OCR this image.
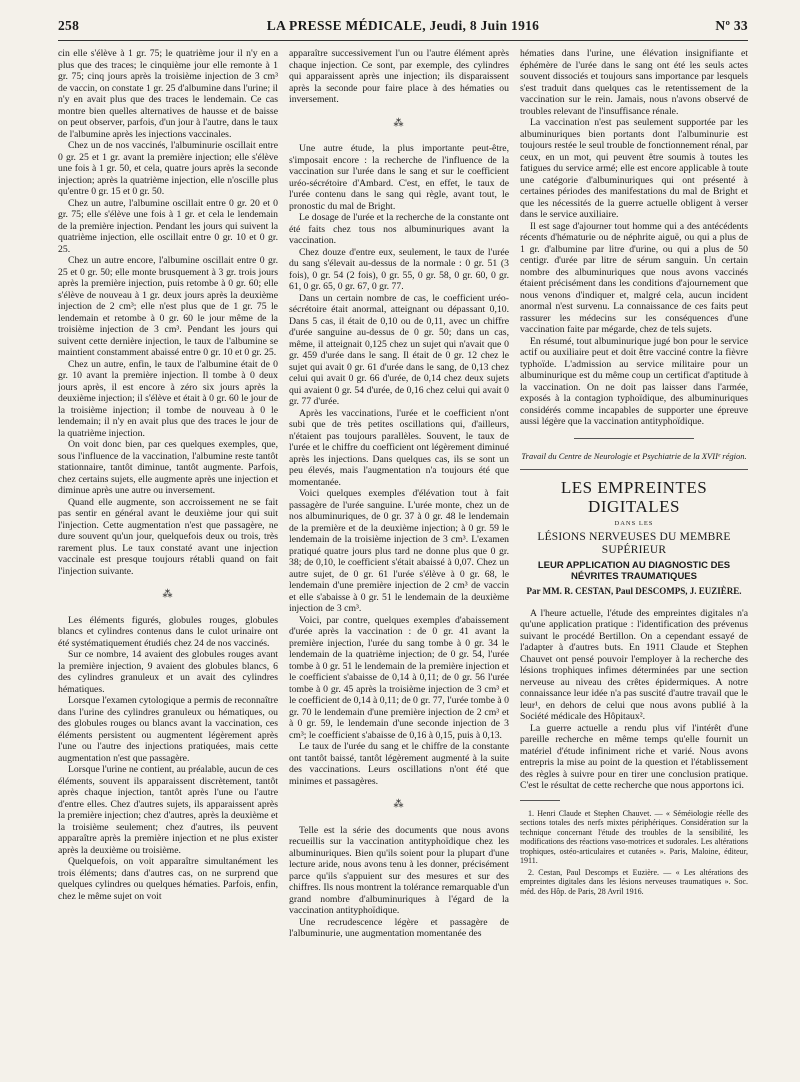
258	LA PRESSE MÉDICALE, Jeudi, 8 Juin 1916	Nº 33

cin elle s'élève à 1 gr. 75; le quatrième jour il n'y en a plus que des traces; le cinquième jour elle remonte à 1 gr. 75; cinq jours après la troisième injection de 3 cm³ de vaccin, on constate 1 gr. 25 d'albumine dans l'urine; il n'y en avait plus que des traces le lendemain. Ce cas montre bien quelles alternatives de hausse et de baisse on peut observer, parfois, d'un jour à l'autre, dans le taux de l'albumine après les injections vaccinales.

Chez un de nos vaccinés, l'albuminurie oscillait entre 0 gr. 25 et 1 gr. avant la première injection; elle s'élève une fois à 1 gr. 50, et cela, quatre jours après la seconde injection; après la quatrième injection, elle n'oscille plus qu'entre 0 gr. 15 et 0 gr. 50.

Chez un autre, l'albumine oscillait entre 0 gr. 20 et 0 gr. 75; elle s'élève une fois à 1 gr. et cela le lendemain de la première injection. Pendant les jours qui suivent la quatrième injection, elle oscillait entre 0 gr. 10 et 0 gr. 25.

Chez un autre encore, l'albumine oscillait entre 0 gr. 25 et 0 gr. 50; elle monte brusquement à 3 gr. trois jours après la première injection, puis retombe à 0 gr. 60; elle s'élève de nouveau à 1 gr. deux jours après la deuxième injection de 2 cm³; elle n'est plus que de 1 gr. 75 le lendemain et retombe à 0 gr. 60 le jour même de la troisième injection de 3 cm³. Pendant les jours qui suivent cette dernière injection, le taux de l'albumine se maintient constamment abaissé entre 0 gr. 10 et 0 gr. 25.

Chez un autre, enfin, le taux de l'albumine était de 0 gr. 10 avant la première injection. Il tombe à 0 deux jours après, il est encore à zéro six jours après la deuxième injection; il s'élève et était à 0 gr. 60 le jour de la troisième injection; il tombe de nouveau à 0 le lendemain; il n'y en avait plus que des traces le jour de la quatrième injection.

On voit donc bien, par ces quelques exemples, que, sous l'influence de la vaccination, l'albumine reste tantôt stationnaire, tantôt diminue, tantôt augmente. Parfois, chez certains sujets, elle augmente après une injection et diminue après une autre ou inversement.

Quand elle augmente, son accroissement ne se fait pas sentir en général avant le deuxième jour qui suit l'injection. Cette augmentation n'est que passagère, ne dure souvent qu'un jour, quelquefois deux ou trois, très rarement plus. Le taux constaté avant une injection vaccinale est presque toujours rétabli quand on fait l'injection suivante.

⁂

Les éléments figurés, globules rouges, globules blancs et cylindres contenus dans le culot urinaire ont été systématiquement étudiés chez 24 de nos vaccinés.

Sur ce nombre, 14 avaient des globules rouges avant la première injection, 9 avaient des globules blancs, 6 des cylindres granuleux et un avait des cylindres hématiques.

Lorsque l'examen cytologique a permis de reconnaître dans l'urine des cylindres granuleux ou hématiques, ou des globules rouges ou blancs avant la vaccination, ces éléments persistent ou augmentent légèrement après l'une ou l'autre des injections pratiquées, mais cette augmentation n'est que passagère.

Lorsque l'urine ne contient, au préalable, aucun de ces éléments, souvent ils apparaissent discrètement, tantôt après chaque injection, tantôt après l'une ou l'autre d'entre elles. Chez d'autres sujets, ils apparaissent après la première injection; chez d'autres, après la deuxième et la troisième seulement; chez d'autres, ils peuvent apparaître après la première injection et ne plus exister après la deuxième ou troisième.

Quelquefois, on voit apparaître simultanément les trois éléments; dans d'autres cas, on ne surprend que quelques cylindres ou quelques hématies. Parfois, enfin, chez le même sujet on voit

apparaître successivement l'un ou l'autre élément après chaque injection. Ce sont, par exemple, des cylindres qui apparaissent après une injection; ils disparaissent après la seconde pour faire place à des hématies ou inversement.

⁂

Une autre étude, la plus importante peut-être, s'imposait encore : la recherche de l'influence de la vaccination sur l'urée dans le sang et sur le coefficient uréo-sécrétoire d'Ambard. C'est, en effet, le taux de l'urée contenu dans le sang qui règle, avant tout, le pronostic du mal de Bright.

Le dosage de l'urée et la recherche de la constante ont été faits chez tous nos albuminuriques avant la vaccination.

Chez douze d'entre eux, seulement, le taux de l'urée du sang s'élevait au-dessus de la normale : 0 gr. 51 (3 fois), 0 gr. 54 (2 fois), 0 gr. 55, 0 gr. 58, 0 gr. 60, 0 gr. 61, 0 gr. 65, 0 gr. 67, 0 gr. 77.

Dans un certain nombre de cas, le coefficient uréo-sécrétoire était anormal, atteignant ou dépassant 0,10. Dans 5 cas, il était de 0,10 ou de 0,11, avec un chiffre d'urée sanguine au-dessus de 0 gr. 50; dans un cas, même, il atteignait 0,125 chez un sujet qui n'avait que 0 gr. 459 d'urée dans le sang. Il était de 0 gr. 12 chez le sujet qui avait 0 gr. 61 d'urée dans le sang, de 0,13 chez celui qui avait 0 gr. 66 d'urée, de 0,14 chez deux sujets qui avaient 0 gr. 54 d'urée, de 0,16 chez celui qui avait 0 gr. 77 d'urée.

Après les vaccinations, l'urée et le coefficient n'ont subi que de très petites oscillations qui, d'ailleurs, n'étaient pas toujours parallèles. Souvent, le taux de l'urée et le chiffre du coefficient ont légèrement diminué après les injections. Dans quelques cas, ils se sont un peu élevés, mais l'augmentation n'a toujours été que momentanée.

Voici quelques exemples d'élévation tout à fait passagère de l'urée sanguine. L'urée monte, chez un de nos albuminuriques, de 0 gr. 37 à 0 gr. 48 le lendemain de la première et de la deuxième injection; à 0 gr. 59 le lendemain de la troisième injection de 3 cm³. L'examen pratiqué quatre jours plus tard ne donne plus que 0 gr. 38; de 0,10, le coefficient s'était abaissé à 0,07. Chez un autre sujet, de 0 gr. 61 l'urée s'élève à 0 gr. 68, le lendemain d'une première injection de 2 cm³ de vaccin et elle s'abaisse à 0 gr. 51 le lendemain de la deuxième injection de 3 cm³.

Voici, par contre, quelques exemples d'abaissement d'urée après la vaccination : de 0 gr. 41 avant la première injection, l'urée du sang tombe à 0 gr. 34 le lendemain de la quatrième injection; de 0 gr. 54, l'urée tombe à 0 gr. 51 le lendemain de la première injection et le coefficient s'abaisse de 0,14 à 0,11; de 0 gr. 56 l'urée tombe à 0 gr. 45 après la troisième injection de 3 cm³ et le coefficient de 0,14 à 0,11; de 0 gr. 77, l'urée tombe à 0 gr. 70 le lendemain d'une première injection de 2 cm³ et à 0 gr. 59, le lendemain d'une seconde injection de 3 cm³; le coefficient s'abaisse de 0,16 à 0,15, puis à 0,13.

Le taux de l'urée du sang et le chiffre de la constante ont tantôt baissé, tantôt légèrement augmenté à la suite des vaccinations. Leurs oscillations n'ont été que minimes et passagères.

⁂

Telle est la série des documents que nous avons recueillis sur la vaccination antityphoïdique chez les albuminuriques. Bien qu'ils soient pour la plupart d'une lecture aride, nous avons tenu à les donner, précisément parce qu'ils s'appuient sur des mesures et sur des chiffres. Ils nous montrent la tolérance remarquable d'un grand nombre d'albuminuriques à l'égard de la vaccination antityphoïdique.

Une recrudescence légère et passagère de l'albuminurie, une augmentation momentanée des

hématies dans l'urine, une élévation insignifiante et éphémère de l'urée dans le sang ont été les seuls actes souvent dissociés et toujours sans importance par lesquels s'est traduit dans quelques cas le retentissement de la vaccination sur le rein. Jamais, nous n'avons observé de troubles relevant de l'insuffisance rénale.

La vaccination n'est pas seulement supportée par les albuminuriques bien portants dont l'albuminurie est toujours restée le seul trouble de fonctionnement rénal, par ceux, en un mot, qui peuvent être soumis à toutes les fatigues du service armé; elle est encore applicable à toute une catégorie d'albuminuriques qui ont présenté à certaines périodes des manifestations du mal de Bright et que les nécessités de la guerre actuelle obligent à verser dans le service auxiliaire.

Il est sage d'ajourner tout homme qui a des antécédents récents d'hématurie ou de néphrite aiguë, ou qui a plus de 1 gr. d'albumine par litre d'urine, ou qui a plus de 50 centigr. d'urée par litre de sérum sanguin. Un certain nombre des albuminuriques que nous avons vaccinés étaient précisément dans les conditions d'ajournement que nous venons d'indiquer et, malgré cela, aucun incident anormal n'est survenu. La connaissance de ces faits peut rassurer les médecins sur les conséquences d'une vaccination faite par mégarde, chez de tels sujets.

En résumé, tout albuminurique jugé bon pour le service actif ou auxiliaire peut et doit être vacciné contre la fièvre typhoïde. L'admission au service militaire pour un albuminurique est du même coup un certificat d'aptitude à la vaccination. On ne doit pas laisser dans l'armée, exposés à la contagion typhoïdique, des albuminuriques considérés comme incapables de supporter une épreuve aussi légère que la vaccination antityphoïdique.

Travail du Centre de Neurologie et Psychiatrie de la XVIIᵉ région.
LES EMPREINTES DIGITALES
DANS LES
LÉSIONS NERVEUSES DU MEMBRE SUPÉRIEUR
LEUR APPLICATION AU DIAGNOSTIC DES NÉVRITES TRAUMATIQUES
Par MM. R. CESTAN, Paul DESCOMPS, J. EUZIÈRE.

A l'heure actuelle, l'étude des empreintes digitales n'a qu'une application pratique : l'identification des prévenus suivant le procédé Bertillon. On a cependant essayé de l'adapter à d'autres buts. En 1911 Claude et Stephen Chauvet ont pensé pouvoir l'employer à la recherche des lésions trophiques infimes déterminées par une section nerveuse au niveau des crêtes épidermiques. A notre connaissance leur idée n'a pas suscité d'autre travail que le leur¹, en dehors de celui que nous avons publié à la Société médicale des Hôpitaux².

La guerre actuelle a rendu plus vif l'intérêt d'une pareille recherche en même temps qu'elle fournit un matériel d'étude infiniment riche et varié. Nous avons entrepris la mise au point de la question et l'établissement des règles à suivre pour en tirer une conclusion pratique. C'est le résultat de cette recherche que nous apportons ici.

1. Henri Claude et Stephen Chauvet. — « Séméiologie réelle des sections totales des nerfs mixtes périphériques. Considération sur la technique concernant l'étude des troubles de la sensibilité, les modifications des réactions vaso-motrices et sudorales. Les altérations trophiques, ostéo-articulaires et cutanées ». Paris, Maloine, éditeur, 1911.

2. Cestan, Paul Descomps et Euzière. — « Les altérations des empreintes digitales dans les lésions nerveuses traumatiques ». Soc. méd. des Hôp. de Paris, 28 Avril 1916.
